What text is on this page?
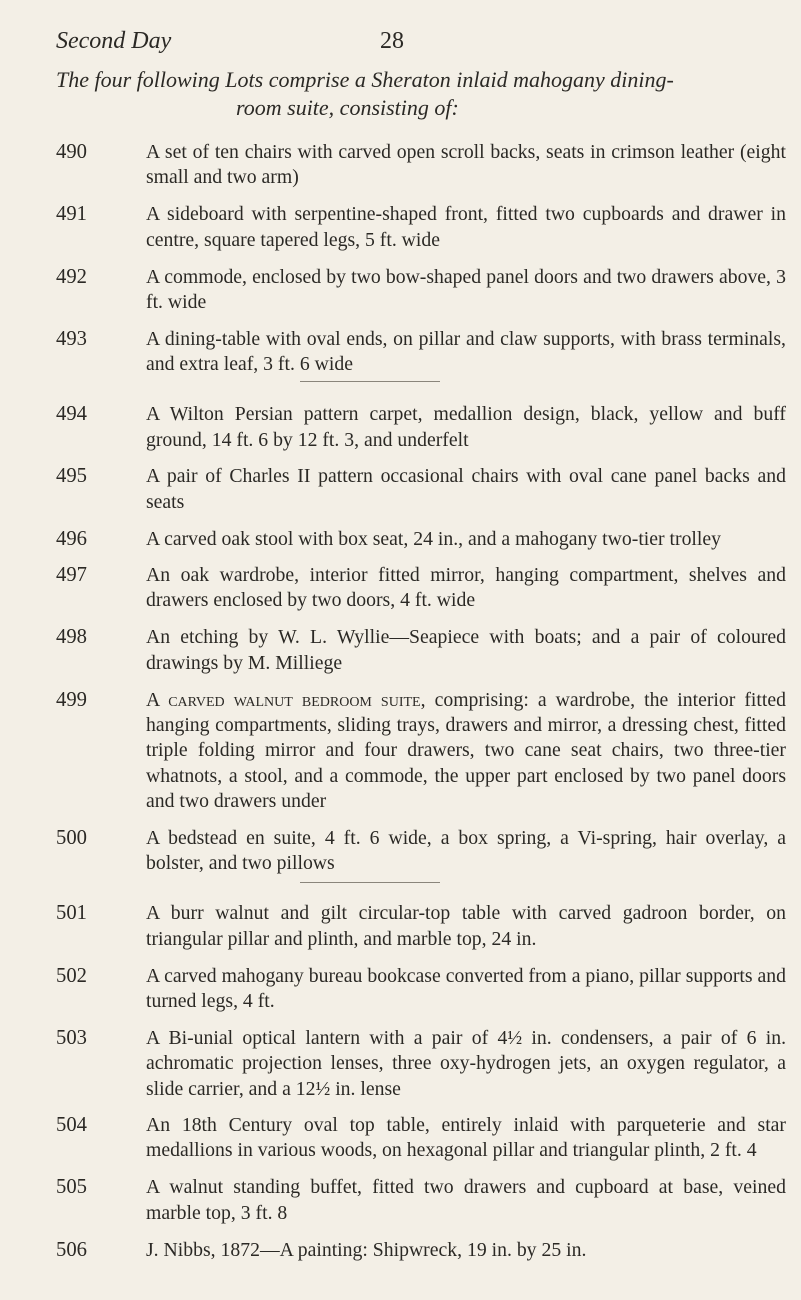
Second Day	28
The four following Lots comprise a Sheraton inlaid mahogany dining-
room suite, consisting of:
490	A set of ten chairs with carved open scroll backs, seats in crimson leather (eight small and two arm)
491	A sideboard with serpentine-shaped front, fitted two cupboards and drawer in centre, square tapered legs, 5 ft. wide
492	A commode, enclosed by two bow-shaped panel doors and two drawers above, 3 ft. wide
493	A dining-table with oval ends, on pillar and claw supports, with brass terminals, and extra leaf, 3 ft. 6 wide
494	A Wilton Persian pattern carpet, medallion design, black, yellow and buff ground, 14 ft. 6 by 12 ft. 3, and underfelt
495	A pair of Charles II pattern occasional chairs with oval cane panel backs and seats
496	A carved oak stool with box seat, 24 in., and a mahogany two-tier trolley
497	An oak wardrobe, interior fitted mirror, hanging compartment, shelves and drawers enclosed by two doors, 4 ft. wide
498	An etching by W. L. Wyllie—Seapiece with boats; and a pair of coloured drawings by M. Milliege
499	A carved walnut bedroom suite, comprising: a wardrobe, the interior fitted hanging compartments, sliding trays, drawers and mirror, a dressing chest, fitted triple folding mirror and four drawers, two cane seat chairs, two three-tier whatnots, a stool, and a commode, the upper part enclosed by two panel doors and two drawers under
500	A bedstead en suite, 4 ft. 6 wide, a box spring, a Vi-spring, hair overlay, a bolster, and two pillows
501	A burr walnut and gilt circular-top table with carved gadroon border, on triangular pillar and plinth, and marble top, 24 in.
502	A carved mahogany bureau bookcase converted from a piano, pillar supports and turned legs, 4 ft.
503	A Bi-unial optical lantern with a pair of 4½ in. condensers, a pair of 6 in. achromatic projection lenses, three oxy-hydrogen jets, an oxygen regulator, a slide carrier, and a 12½ in. lense
504	An 18th Century oval top table, entirely inlaid with parqueterie and star medallions in various woods, on hexagonal pillar and triangular plinth, 2 ft. 4
505	A walnut standing buffet, fitted two drawers and cupboard at base, veined marble top, 3 ft. 8
506	J. Nibbs, 1872—A painting: Shipwreck, 19 in. by 25 in.
